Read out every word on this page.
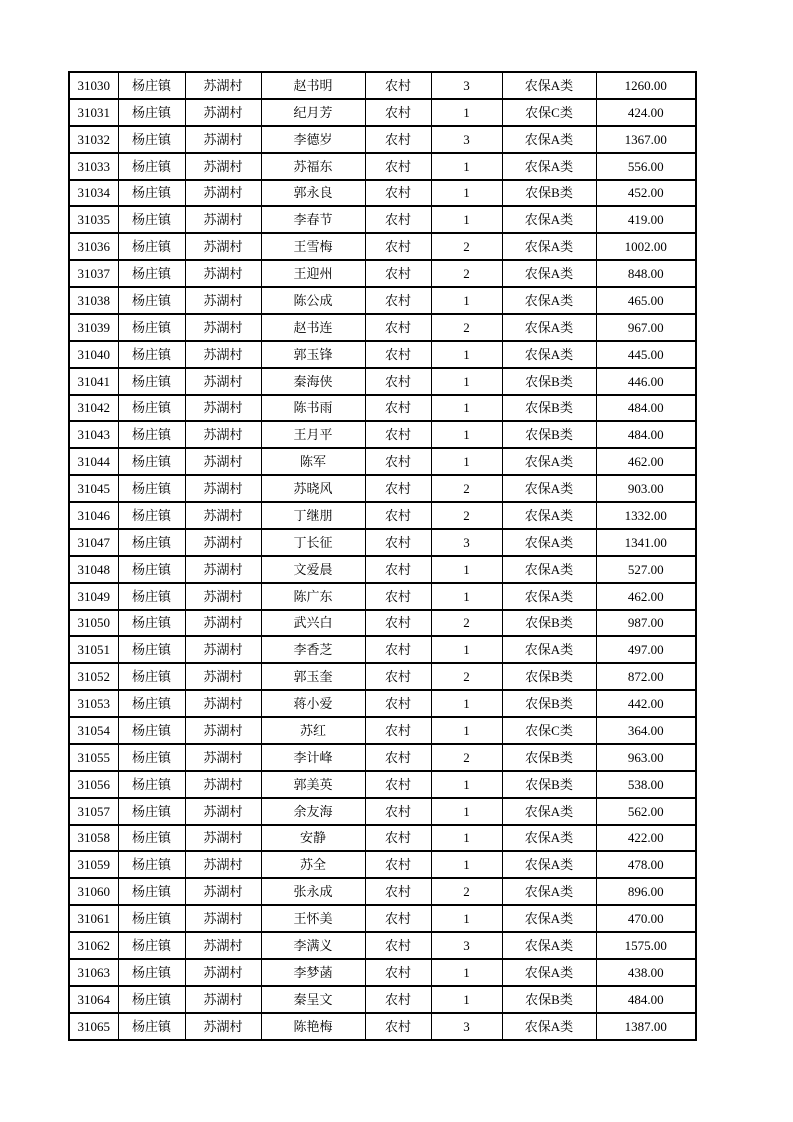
31030	杨庄镇	苏湖村	赵书明	农村	3	农保A类	1260.00
31031	杨庄镇	苏湖村	纪月芳	农村	1	农保C类	424.00
31032	杨庄镇	苏湖村	李德岁	农村	3	农保A类	1367.00
31033	杨庄镇	苏湖村	苏福东	农村	1	农保A类	556.00
31034	杨庄镇	苏湖村	郭永良	农村	1	农保B类	452.00
31035	杨庄镇	苏湖村	李春节	农村	1	农保A类	419.00
31036	杨庄镇	苏湖村	王雪梅	农村	2	农保A类	1002.00
31037	杨庄镇	苏湖村	王迎州	农村	2	农保A类	848.00
31038	杨庄镇	苏湖村	陈公成	农村	1	农保A类	465.00
31039	杨庄镇	苏湖村	赵书连	农村	2	农保A类	967.00
31040	杨庄镇	苏湖村	郭玉锋	农村	1	农保A类	445.00
31041	杨庄镇	苏湖村	秦海侠	农村	1	农保B类	446.00
31042	杨庄镇	苏湖村	陈书雨	农村	1	农保B类	484.00
31043	杨庄镇	苏湖村	王月平	农村	1	农保B类	484.00
31044	杨庄镇	苏湖村	陈军	农村	1	农保A类	462.00
31045	杨庄镇	苏湖村	苏晓风	农村	2	农保A类	903.00
31046	杨庄镇	苏湖村	丁继朋	农村	2	农保A类	1332.00
31047	杨庄镇	苏湖村	丁长征	农村	3	农保A类	1341.00
31048	杨庄镇	苏湖村	文爱晨	农村	1	农保A类	527.00
31049	杨庄镇	苏湖村	陈广东	农村	1	农保A类	462.00
31050	杨庄镇	苏湖村	武兴白	农村	2	农保B类	987.00
31051	杨庄镇	苏湖村	李香芝	农村	1	农保A类	497.00
31052	杨庄镇	苏湖村	郭玉奎	农村	2	农保B类	872.00
31053	杨庄镇	苏湖村	蒋小爱	农村	1	农保B类	442.00
31054	杨庄镇	苏湖村	苏红	农村	1	农保C类	364.00
31055	杨庄镇	苏湖村	李计峰	农村	2	农保B类	963.00
31056	杨庄镇	苏湖村	郭美英	农村	1	农保B类	538.00
31057	杨庄镇	苏湖村	余友海	农村	1	农保A类	562.00
31058	杨庄镇	苏湖村	安静	农村	1	农保A类	422.00
31059	杨庄镇	苏湖村	苏全	农村	1	农保A类	478.00
31060	杨庄镇	苏湖村	张永成	农村	2	农保A类	896.00
31061	杨庄镇	苏湖村	王怀美	农村	1	农保A类	470.00
31062	杨庄镇	苏湖村	李满义	农村	3	农保A类	1575.00
31063	杨庄镇	苏湖村	李梦菡	农村	1	农保A类	438.00
31064	杨庄镇	苏湖村	秦呈文	农村	1	农保B类	484.00
31065	杨庄镇	苏湖村	陈艳梅	农村	3	农保A类	1387.00
